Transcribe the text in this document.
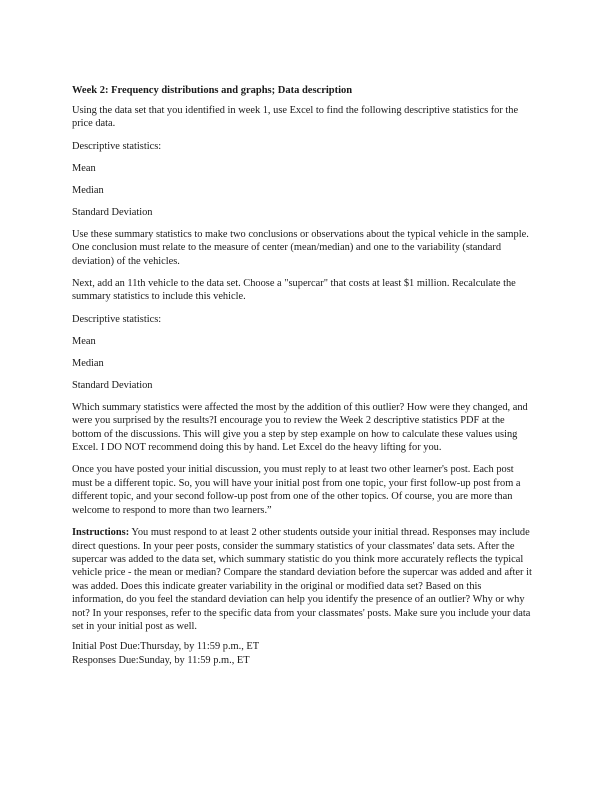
Week 2: Frequency distributions and graphs; Data description

Using the data set that you identified in week 1, use Excel to find the following descriptive statistics for the price data.

Descriptive statistics:

Mean

Median

Standard Deviation

Use these summary statistics to make two conclusions or observations about the typical vehicle in the sample. One conclusion must relate to the measure of center (mean/median) and one to the variability (standard deviation) of the vehicles.

Next, add an 11th vehicle to the data set. Choose a "supercar" that costs at least $1 million. Recalculate the summary statistics to include this vehicle.

Descriptive statistics:

Mean

Median

Standard Deviation

Which summary statistics were affected the most by the addition of this outlier? How were they changed, and were you surprised by the results?I encourage you to review the Week 2 descriptive statistics PDF at the bottom of the discussions. This will give you a step by step example on how to calculate these values using Excel. I DO NOT recommend doing this by hand. Let Excel do the heavy lifting for you.

Once you have posted your initial discussion, you must reply to at least two other learner's post. Each post must be a different topic. So, you will have your initial post from one topic, your first follow-up post from a different topic, and your second follow-up post from one of the other topics. Of course, you are more than welcome to respond to more than two learners.”

Instructions: You must respond to at least 2 other students outside your initial thread. Responses may include direct questions. In your peer posts, consider the summary statistics of your classmates' data sets. After the supercar was added to the data set, which summary statistic do you think more accurately reflects the typical vehicle price - the mean or median? Compare the standard deviation before the supercar was added and after it was added. Does this indicate greater variability in the original or modified data set? Based on this information, do you feel the standard deviation can help you identify the presence of an outlier? Why or why not? In your responses, refer to the specific data from your classmates' posts. Make sure you include your data set in your initial post as well.

Initial Post Due:Thursday, by 11:59 p.m., ET

Responses Due:Sunday, by 11:59 p.m., ET
